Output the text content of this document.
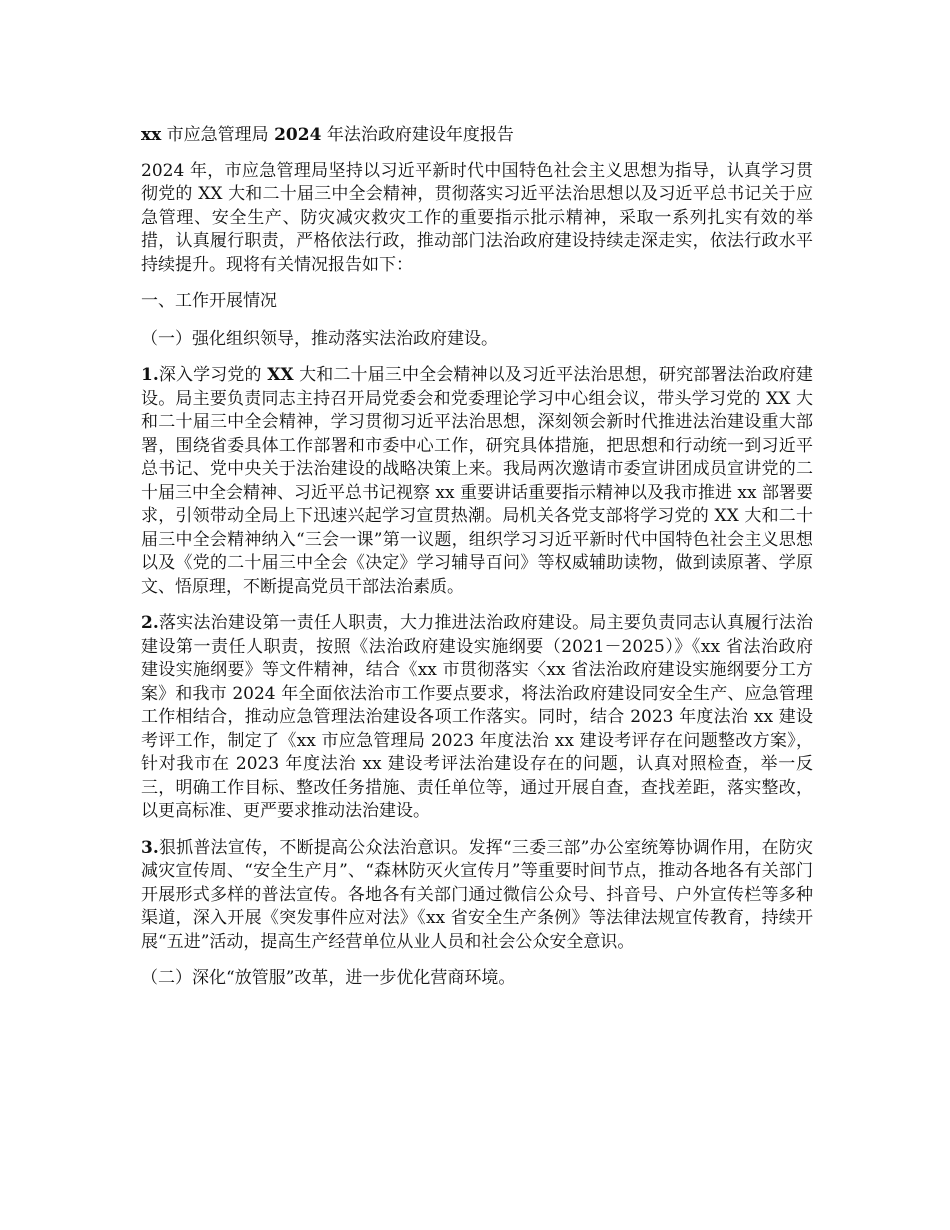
xx 市应急管理局 2024 年法治政府建设年度报告

2024 年，市应急管理局坚持以习近平新时代中国特色社会主义思想为指导，认真学习贯彻党的 XX 大和二十届三中全会精神，贯彻落实习近平法治思想以及习近平总书记关于应急管理、安全生产、防灾减灾救灾工作的重要指示批示精神，采取一系列扎实有效的举措，认真履行职责，严格依法行政，推动部门法治政府建设持续走深走实，依法行政水平持续提升。现将有关情况报告如下：

一、工作开展情况

（一）强化组织领导，推动落实法治政府建设。

1.深入学习党的 XX 大和二十届三中全会精神以及习近平法治思想，研究部署法治政府建设。局主要负责同志主持召开局党委会和党委理论学习中心组会议，带头学习党的 XX 大和二十届三中全会精神，学习贯彻习近平法治思想，深刻领会新时代推进法治建设重大部署，围绕省委具体工作部署和市委中心工作，研究具体措施，把思想和行动统一到习近平总书记、党中央关于法治建设的战略决策上来。我局两次邀请市委宣讲团成员宣讲党的二十届三中全会精神、习近平总书记视察 xx 重要讲话重要指示精神以及我市推进 xx 部署要求，引领带动全局上下迅速兴起学习宣贯热潮。局机关各党支部将学习党的 XX 大和二十届三中全会精神纳入“三会一课”第一议题，组织学习习近平新时代中国特色社会主义思想以及《党的二十届三中全会《决定》学习辅导百问》等权威辅助读物，做到读原著、学原文、悟原理，不断提高党员干部法治素质。

2.落实法治建设第一责任人职责，大力推进法治政府建设。局主要负责同志认真履行法治建设第一责任人职责，按照《法治政府建设实施纲要（2021－2025）》《xx 省法治政府建设实施纲要》等文件精神，结合《xx 市贯彻落实〈xx 省法治政府建设实施纲要分工方案》和我市 2024 年全面依法治市工作要点要求，将法治政府建设同安全生产、应急管理工作相结合，推动应急管理法治建设各项工作落实。同时，结合 2023 年度法治 xx 建设考评工作，制定了《xx 市应急管理局 2023 年度法治 xx 建设考评存在问题整改方案》，针对我市在 2023 年度法治 xx 建设考评法治建设存在的问题，认真对照检查，举一反三，明确工作目标、整改任务措施、责任单位等，通过开展自查，查找差距，落实整改，以更高标准、更严要求推动法治建设。

3.狠抓普法宣传，不断提高公众法治意识。发挥“三委三部”办公室统筹协调作用，在防灾减灾宣传周、“安全生产月”、“森林防灭火宣传月”等重要时间节点，推动各地各有关部门开展形式多样的普法宣传。各地各有关部门通过微信公众号、抖音号、户外宣传栏等多种渠道，深入开展《突发事件应对法》《xx 省安全生产条例》等法律法规宣传教育，持续开展“五进”活动，提高生产经营单位从业人员和社会公众安全意识。

（二）深化“放管服”改革，进一步优化营商环境。
